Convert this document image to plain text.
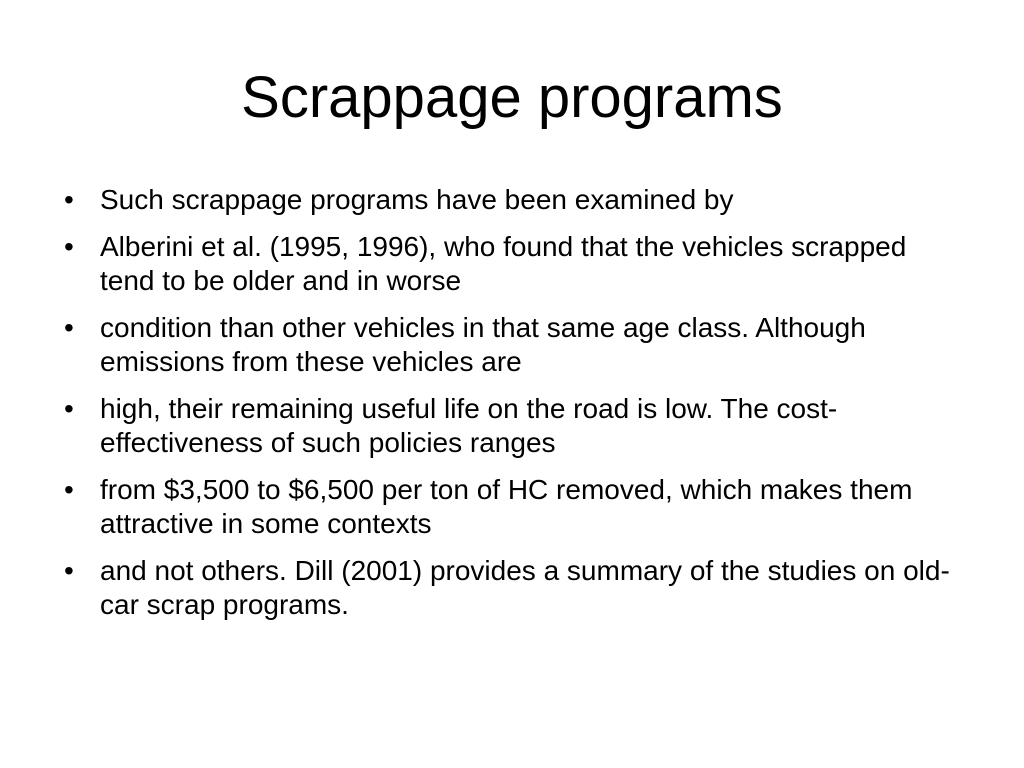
Scrappage programs
• Such scrappage programs have been examined by
• Alberini et al. (1995, 1996), who found that the vehicles scrapped tend to be older and in worse
• condition than other vehicles in that same age class. Although emissions from these vehicles are
• high, their remaining useful life on the road is low. The cost-effectiveness of such policies ranges
• from $3,500 to $6,500 per ton of HC removed, which makes them attractive in some contexts
• and not others. Dill (2001) provides a summary of the studies on old-car scrap programs.
